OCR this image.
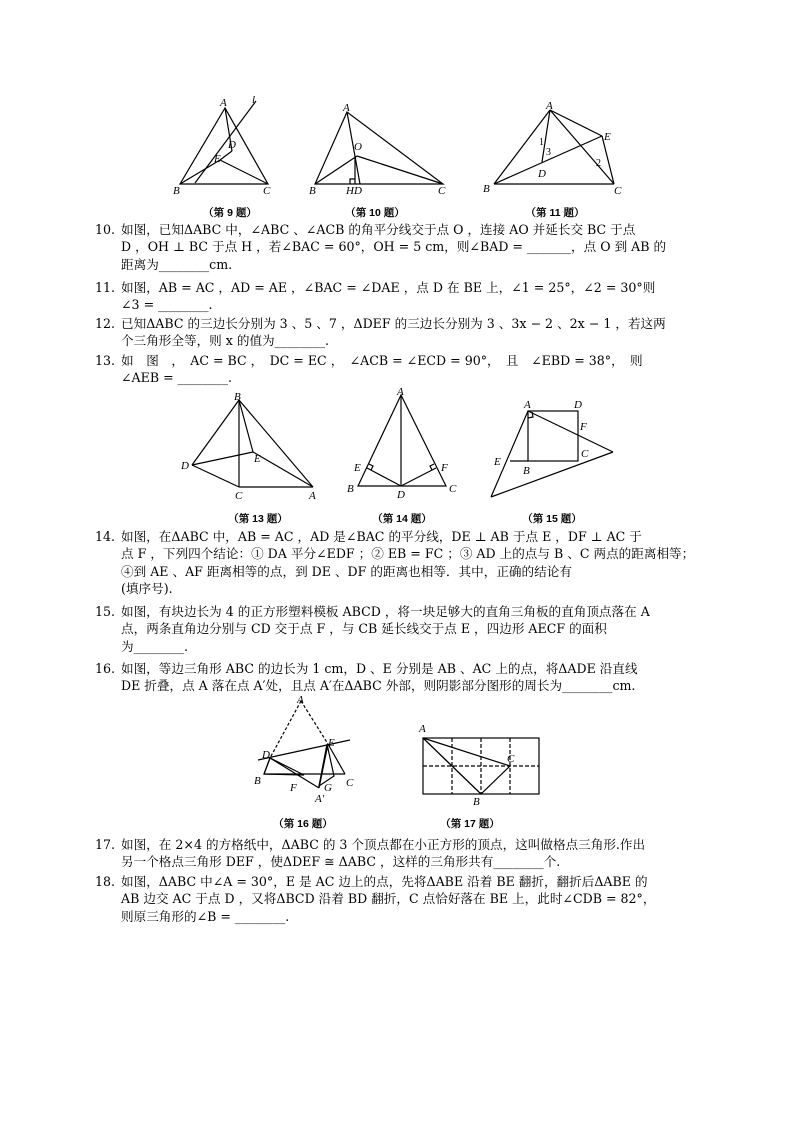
A l
D
E
B	C
（第 9 题）
A
O
B	HD	C
（第 10 题）
A
E
1
3
2
D
B	C
（第 11 题）
10. 如图，已知ΔABC 中，∠ABC 、∠ACB 的角平分线交于点 O ，连接 AO 并延长交 BC 于点
D ，OH ⊥ BC 于点 H ，若∠BAC = 60°，OH = 5 cm，则∠BAD = _______，点 O 到 AB 的
距离为________cm.
11. 如图，AB = AC ，AD = AE ，∠BAC = ∠DAE ，点 D 在 BE 上，∠1 = 25°，∠2 = 30°则
∠3 = ________.
12. 已知ΔABC 的三边长分别为 3 、5 、7 ，ΔDEF 的三边长分别为 3 、3x − 2 、2x − 1 ，若这两
个三角形全等，则 x 的值为________.
13. 如　图　，　AC = BC ，　DC = EC ，　∠ACB = ∠ECD = 90°，　且　∠EBD = 38°，　则
∠AEB = ________.
B
E
D
C	A
（第 13 题）
A
E	F
B	D	C
（第 14 题）
A	D
F
E
B
C
（第 15 题）
14. 如图，在ΔABC 中，AB = AC ，AD 是∠BAC 的平分线，DE ⊥ AB 于点 E ，DF ⊥ AC 于
点 F ，下列四个结论：① DA 平分∠EDF ；② EB = FC ；③ AD 上的点与 B 、C 两点的距离相等；
④到 AE 、AF 距离相等的点，到 DE 、DF 的距离也相等．其中，正确的结论有
(填序号).
15. 如图，有块边长为 4 的正方形塑料模板 ABCD ，将一块足够大的直角三角板的直角顶点落在 A
点，两条直角边分别与 CD 交于点 F ，与 CB 延长线交于点 E ，四边形 AECF 的面积
为________.
16. 如图，等边三角形 ABC 的边长为 1 cm，D 、E 分别是 AB 、AC 上的点，将ΔADE 沿直线
DE 折叠，点 A 落在点 A′处，且点 A′在ΔABC 外部，则阴影部分图形的周长为________cm.
A
D
E
B	C
F G
A′
（第 16 题）
A
C
B
（第 17 题）
17. 如图，在 2×4 的方格纸中，ΔABC 的 3 个顶点都在小正方形的顶点，这叫做格点三角形.作出
另一个格点三角形 DEF ，使ΔDEF ≅ ΔABC ，这样的三角形共有________个.
18. 如图，ΔABC 中∠A = 30°，E 是 AC 边上的点，先将ΔABE 沿着 BE 翻折，翻折后ΔABE 的
AB 边交 AC 于点 D ，又将ΔBCD 沿着 BD 翻折，C 点恰好落在 BE 上，此时∠CDB = 82°，
则原三角形的∠B = ________.
